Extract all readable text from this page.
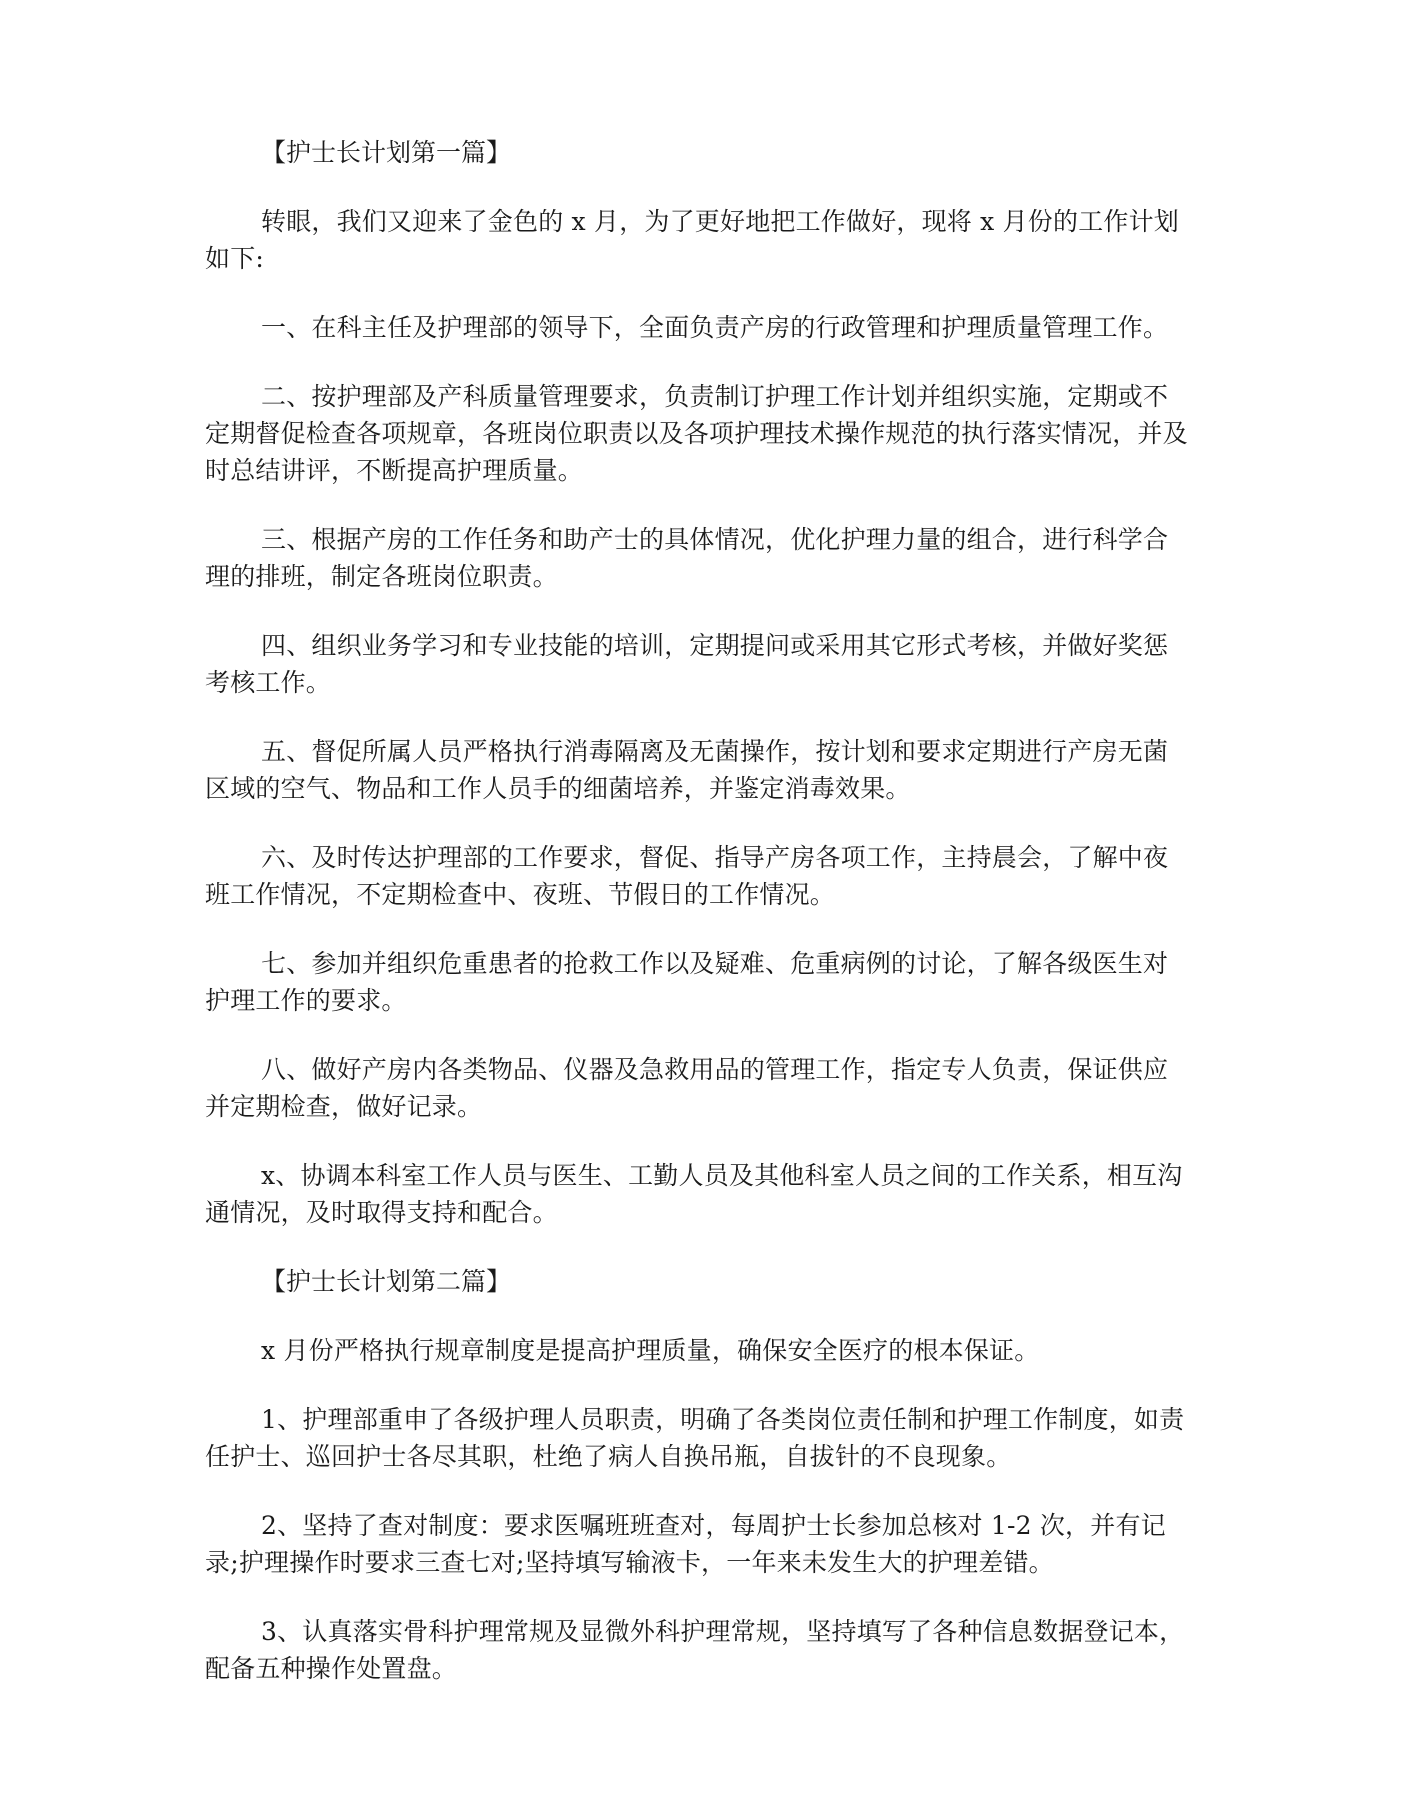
【护士长计划第一篇】

转眼，我们又迎来了金色的 x 月，为了更好地把工作做好，现将 x 月份的工作计划如下:

一、在科主任及护理部的领导下，全面负责产房的行政管理和护理质量管理工作。

二、按护理部及产科质量管理要求，负责制订护理工作计划并组织实施，定期或不定期督促检查各项规章，各班岗位职责以及各项护理技术操作规范的执行落实情况，并及时总结讲评，不断提高护理质量。

三、根据产房的工作任务和助产士的具体情况，优化护理力量的组合，进行科学合理的排班，制定各班岗位职责。

四、组织业务学习和专业技能的培训，定期提问或采用其它形式考核，并做好奖惩考核工作。

五、督促所属人员严格执行消毒隔离及无菌操作，按计划和要求定期进行产房无菌区域的空气、物品和工作人员手的细菌培养，并鉴定消毒效果。

六、及时传达护理部的工作要求，督促、指导产房各项工作，主持晨会，了解中夜班工作情况，不定期检查中、夜班、节假日的工作情况。

七、参加并组织危重患者的抢救工作以及疑难、危重病例的讨论，了解各级医生对护理工作的要求。

八、做好产房内各类物品、仪器及急救用品的管理工作，指定专人负责，保证供应并定期检查，做好记录。

x、协调本科室工作人员与医生、工勤人员及其他科室人员之间的工作关系，相互沟通情况，及时取得支持和配合。

【护士长计划第二篇】

x 月份严格执行规章制度是提高护理质量，确保安全医疗的根本保证。

1、护理部重申了各级护理人员职责，明确了各类岗位责任制和护理工作制度，如责任护士、巡回护士各尽其职，杜绝了病人自换吊瓶，自拔针的不良现象。

2、坚持了查对制度：要求医嘱班班查对，每周护士长参加总核对 1-2 次，并有记录;护理操作时要求三查七对;坚持填写输液卡，一年来未发生大的护理差错。

3、认真落实骨科护理常规及显微外科护理常规，坚持填写了各种信息数据登记本，配备五种操作处置盘。
